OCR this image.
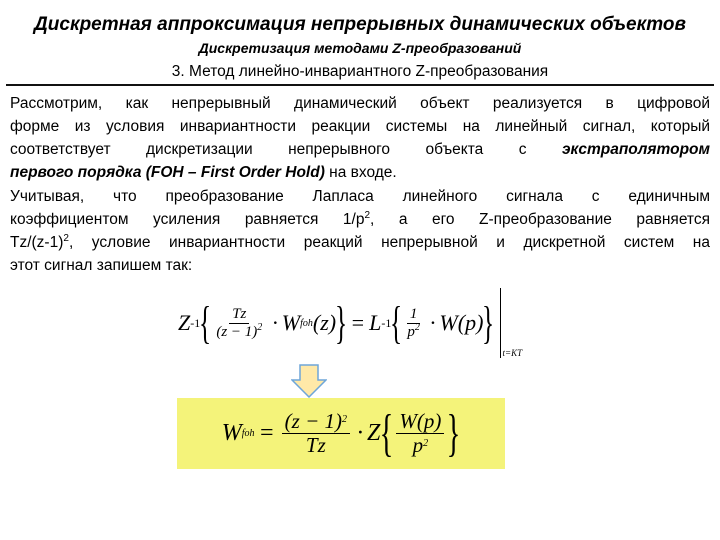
Дискретная аппроксимация непрерывных динамических объектов
Дискретизация методами Z-преобразований
3. Метод линейно-инвариантного Z-преобразования
Рассмотрим, как непрерывный динамический объект реализуется в цифровой
форме из условия инвариантности реакции системы на линейный сигнал, который
соответствует дискретизации непрерывного объекта с экстраполятором
первого порядка (FOH – First Order Hold) на входе.
Учитывая, что преобразование Лапласа линейного сигнала с единичным
коэффициентом усиления равняется $1/p^2$, а его Z-преобразование равняется
$Tz/(z-1)^2$, условие инвариантности реакций непрерывной и дискретной систем на
этот сигнал запишем так:
Z -1
{ $\frac{Tz}{(z - 1)^2} \cdot W$ foh (z)
} = L -1
{ $\frac{1}{p^2} \cdot W$ (p)
}
t=KT
W foh = $\frac{(z - 1)^2}{Tz} \cdot Z$ { $\frac{W(p)}{p^2}$ }
